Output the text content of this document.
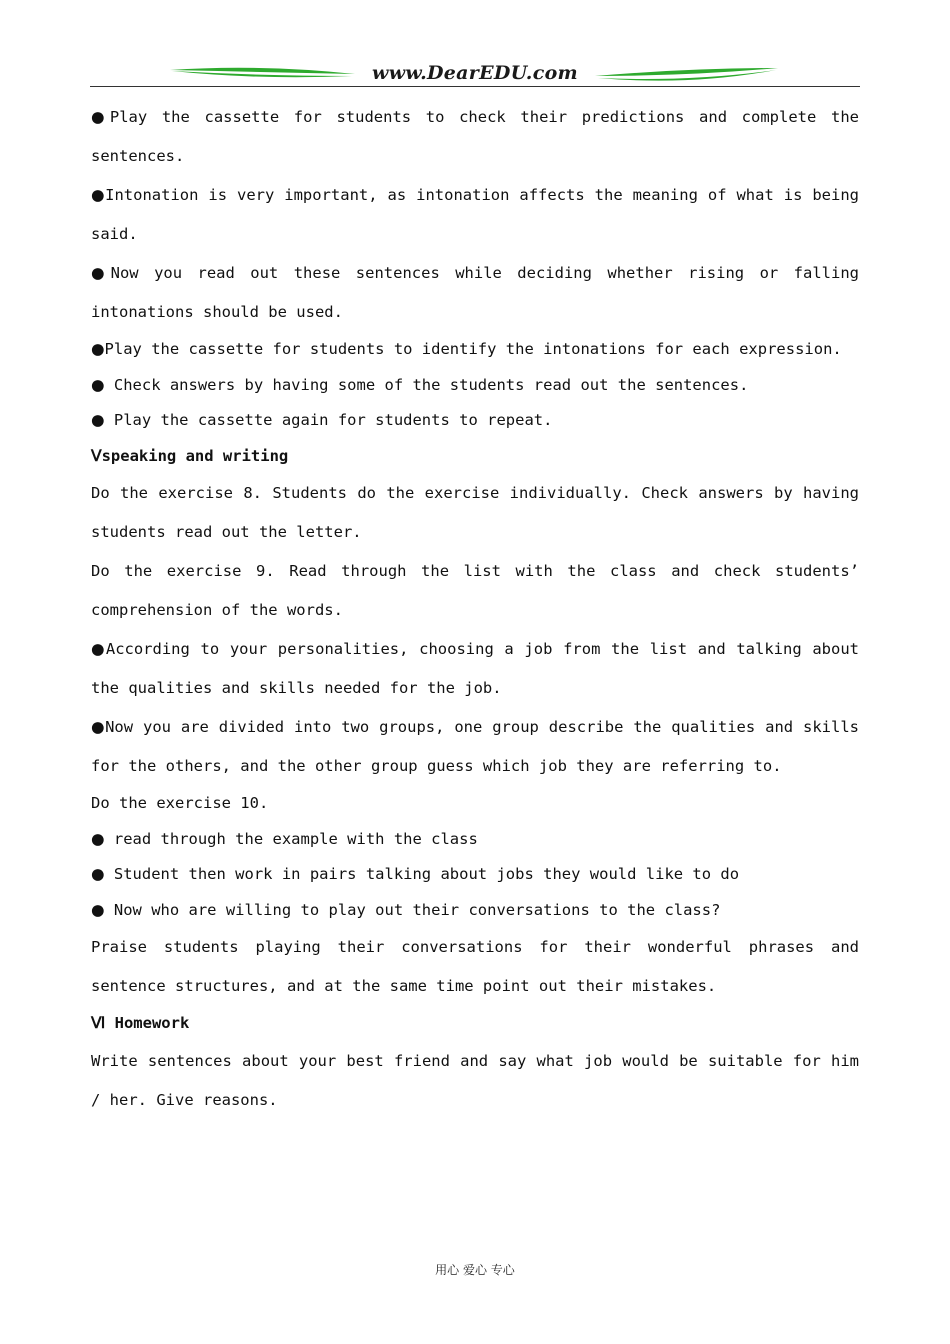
www.DearEDU.com

●Play the cassette for students to check their predictions and complete the sentences.

●Intonation is very important, as intonation affects the meaning of what is being said.

●Now you read out these sentences while deciding whether rising or falling intonations should be used.

●Play the cassette for students to identify the intonations for each expression.

● Check answers by having some of the students read out the sentences.

● Play the cassette again for students to repeat.

Ⅴspeaking and writing

Do the exercise 8. Students do the exercise individually. Check answers by having students read out the letter.

Do the exercise 9. Read through the list with the class and check students’ comprehension of the words.

●According to your personalities, choosing a job from the list and talking about the qualities and skills needed for the job.

●Now you are divided into two groups, one group describe the qualities and skills for the others, and the other group guess which job they are referring to.

Do the exercise 10.

● read through the example with the class

● Student then work in pairs talking about jobs they would like to do

● Now who are willing to play out their conversations to the class?

Praise students playing their conversations for their wonderful phrases and sentence structures, and at the same time point out their mistakes.

Ⅵ Homework

Write sentences about your best friend and say what job would be suitable for him / her. Give reasons.

用心 爱心 专心
